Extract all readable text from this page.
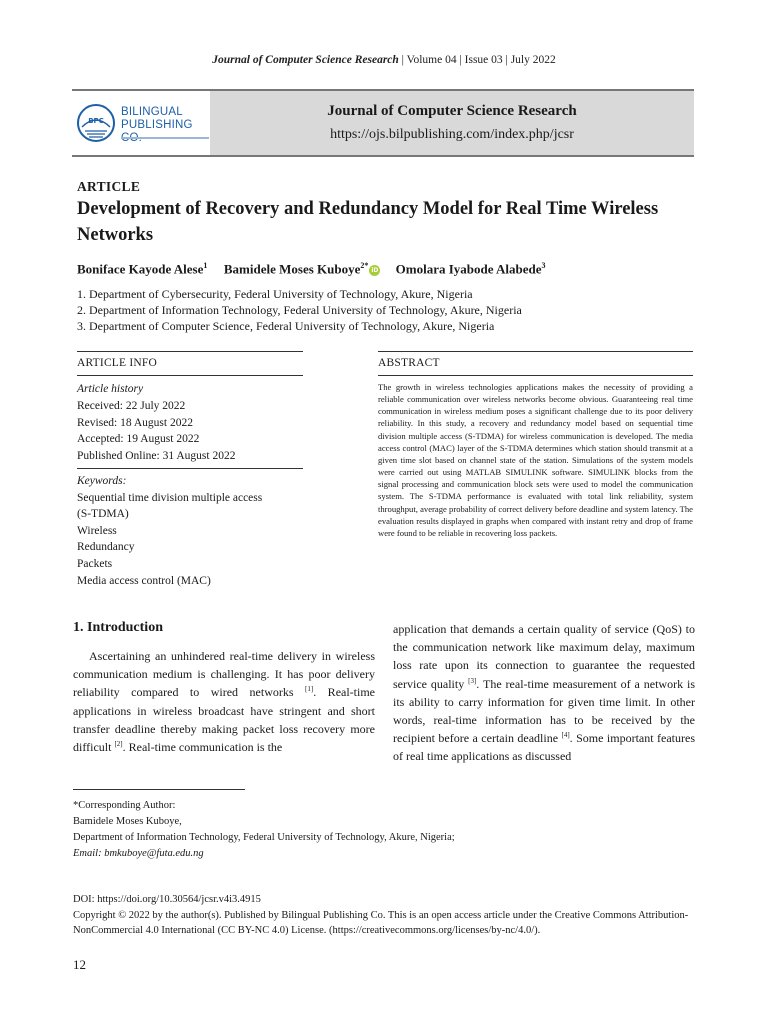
Journal of Computer Science Research | Volume 04 | Issue 03 | July 2022
BPC
BILINGUAL
PUBLISHING
Journal of Computer Science Research
https://ojs.bilpublishing.com/index.php/jcsr
ARTICLE
Development of Recovery and Redundancy Model for Real Time Wireless Networks
Boniface Kayode Alese$^1$ Bamidele Moses Kuboye$^{2*}$iD Omolara Iyabode Alabede$^3$
1. Department of Cybersecurity, Federal University of Technology, Akure, Nigeria
2. Department of Information Technology, Federal University of Technology, Akure, Nigeria
3. Department of Computer Science, Federal University of Technology, Akure, Nigeria
ARTICLE INFO	ABSTRACT
Article history
Received: 22 July 2022
Revised: 18 August 2022
Accepted: 19 August 2022
Published Online: 31 August 2022
Keywords:
Sequential time division multiple access
(S-TDMA)
Wireless
Redundancy
Packets
Media access control (MAC)
The growth in wireless technologies applications makes the necessity of providing a reliable communication over wireless networks become obvious. Guaranteeing real time communication in wireless medium poses a significant challenge due to its poor delivery reliability. In this study, a recovery and redundancy model based on sequential time division multiple access (S-TDMA) for wireless communication is developed. The media access control (MAC) layer of the S-TDMA determines which station should transmit at a given time slot based on channel state of the station. Simulations of the system models were carried out using MATLAB SIMULINK software. SIMULINK blocks from the signal processing and communication block sets were used to model the communication system. The S-TDMA performance is evaluated with total link reliability, system throughput, average probability of correct delivery before deadline and system latency. The evaluation results displayed in graphs when compared with instant retry and drop of frame were found to be reliable in recovering loss packets.
1. Introduction
Ascertaining an unhindered real-time delivery in wireless communication medium is challenging. It has poor delivery reliability compared to wired networks [1]. Real-time applications in wireless broadcast have stringent and short transfer deadline thereby making packet loss recovery more difficult [2]. Real-time communication is the
application that demands a certain quality of service (QoS) to the communication network like maximum delay, maximum loss rate upon its connection to guarantee the requested service quality [3]. The real-time measurement of a network is its ability to carry information for given time limit. In other words, real-time information has to be received by the recipient before a certain deadline [4]. Some important features of real time applications as discussed
*Corresponding Author:
Bamidele Moses Kuboye,
Department of Information Technology, Federal University of Technology, Akure, Nigeria;
Email: bmkuboye@futa.edu.ng
DOI: https://doi.org/10.30564/jcsr.v4i3.4915
Copyright © 2022 by the author(s). Published by Bilingual Publishing Co. This is an open access article under the Creative Commons Attribution-NonCommercial 4.0 International (CC BY-NC 4.0) License. (https://creativecommons.org/licenses/by-nc/4.0/).
12
